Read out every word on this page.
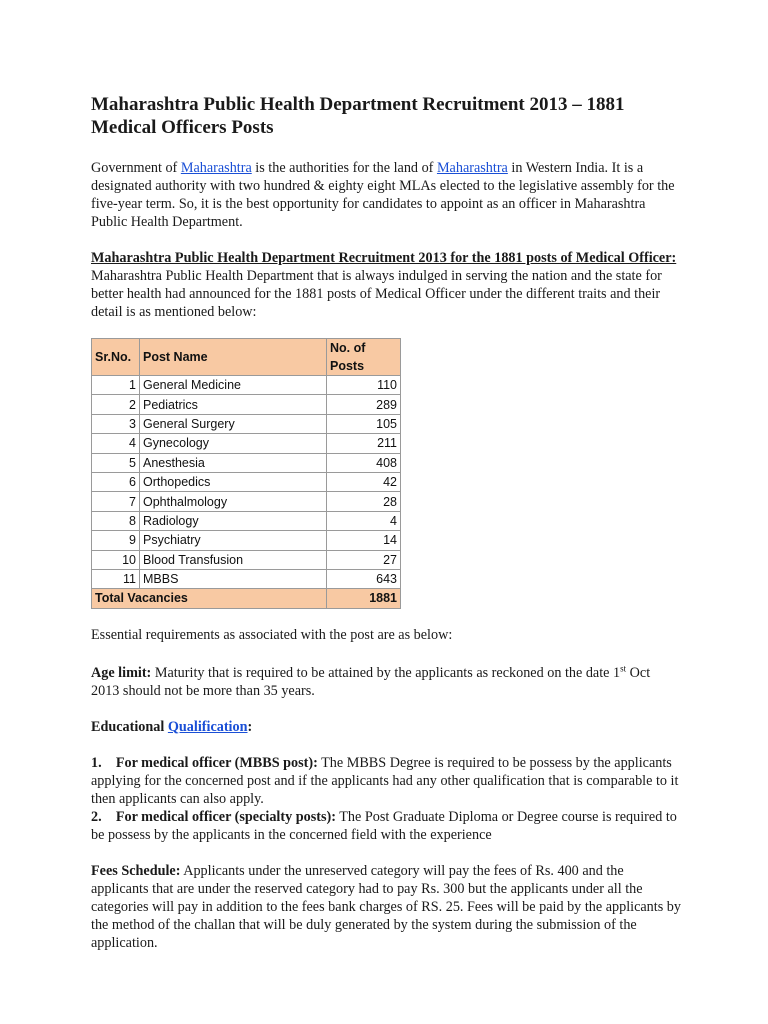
Maharashtra Public Health Department Recruitment 2013 – 1881 Medical Officers Posts

Government of Maharashtra is the authorities for the land of Maharashtra in Western India. It is a designated authority with two hundred & eighty eight MLAs elected to the legislative assembly for the five-year term. So, it is the best opportunity for candidates to appoint as an officer in Maharashtra Public Health Department.

Maharashtra Public Health Department Recruitment 2013 for the 1881 posts of Medical Officer: Maharashtra Public Health Department that is always indulged in serving the nation and the state for better health had announced for the 1881 posts of Medical Officer under the different traits and their detail is as mentioned below:

Sr.No.	Post Name	No. of Posts
1	General Medicine	110
2	Pediatrics	289
3	General Surgery	105
4	Gynecology	211
5	Anesthesia	408
6	Orthopedics	42
7	Ophthalmology	28
8	Radiology	4
9	Psychiatry	14
10	Blood Transfusion	27
11	MBBS	643
Total Vacancies		1881

Essential requirements as associated with the post are as below:

Age limit: Maturity that is required to be attained by the applicants as reckoned on the date 1st Oct 2013 should not be more than 35 years.

Educational Qualification:

1. For medical officer (MBBS post): The MBBS Degree is required to be possess by the applicants applying for the concerned post and if the applicants had any other qualification that is comparable to it then applicants can also apply.

2. For medical officer (specialty posts): The Post Graduate Diploma or Degree course is required to be possess by the applicants in the concerned field with the experience

Fees Schedule: Applicants under the unreserved category will pay the fees of Rs. 400 and the applicants that are under the reserved category had to pay Rs. 300 but the applicants under all the categories will pay in addition to the fees bank charges of RS. 25. Fees will be paid by the applicants by the method of the challan that will be duly generated by the system during the submission of the application.
